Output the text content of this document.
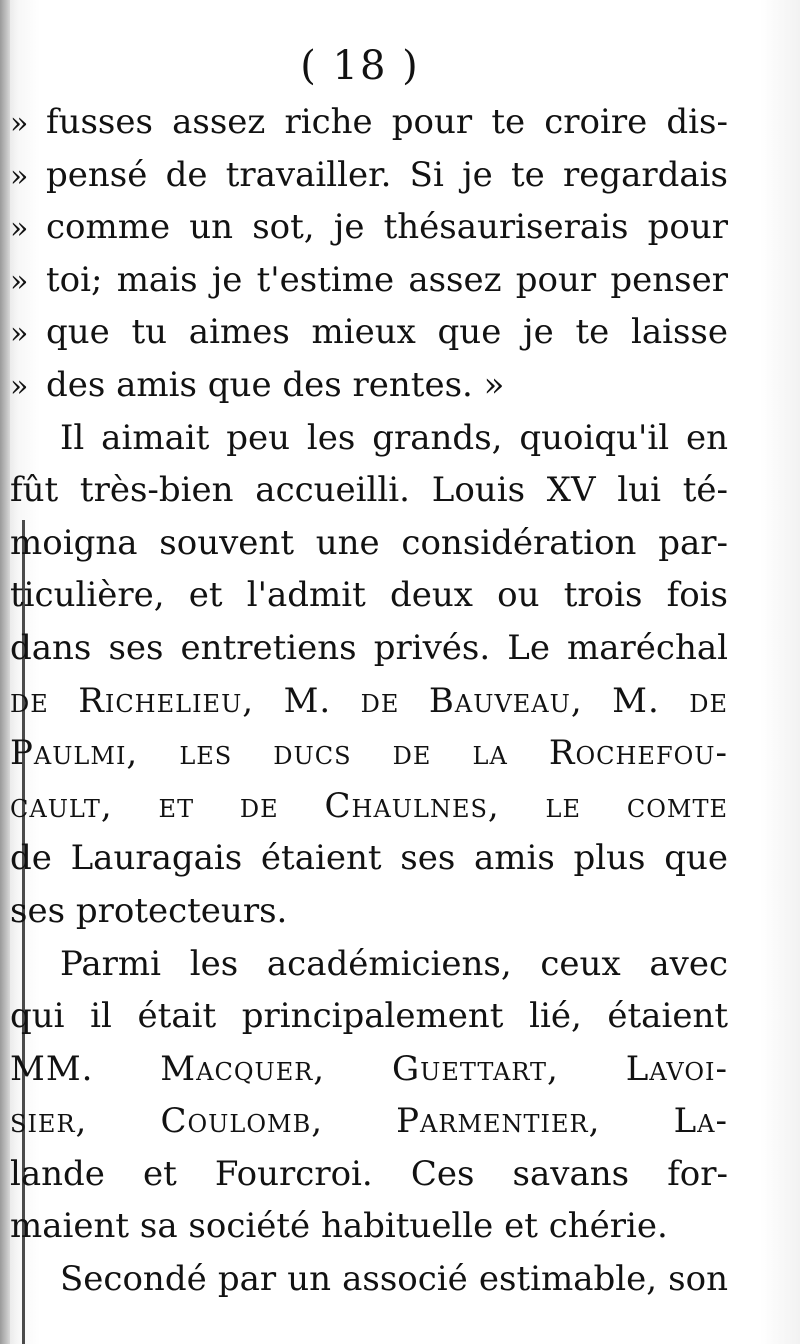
( 18 )
» fusses assez riche pour te croire dis-
» pensé de travailler. Si je te regardais
» comme un sot, je thésauriserais pour
» toi; mais je t'estime assez pour penser
» que tu aimes mieux que je te laisse
» des amis que des rentes. »
Il aimait peu les grands, quoiqu'il en
fût très-bien accueilli. Louis XV lui té-
moigna souvent une considération par-
ticulière, et l'admit deux ou trois fois
dans ses entretiens privés. Le maréchal
de Richelieu, M. de Bauveau, M. de
Paulmi, les ducs de la Rochefou-
cault, et de Chaulnes, le comte
de Lauragais étaient ses amis plus que
ses protecteurs.
Parmi les académiciens, ceux avec
qui il était principalement lié, étaient
MM. Macquer, Guettart, Lavoi-
sier, Coulomb, Parmentier, La-
lande et Fourcroi. Ces savans for-
maient sa société habituelle et chérie.
Secondé par un associé estimable, son
